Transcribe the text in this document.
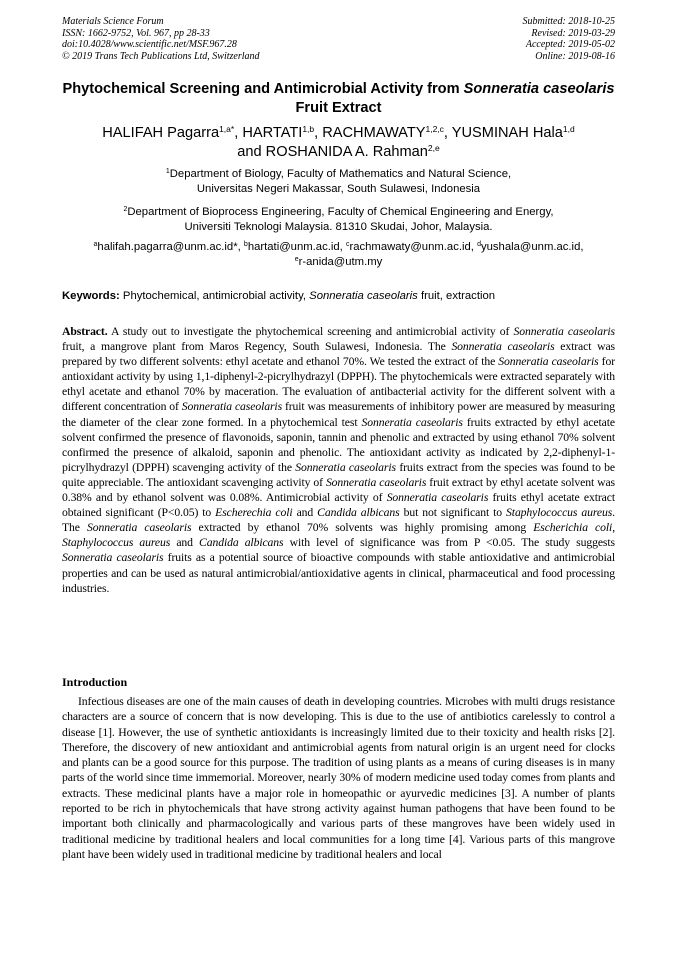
Materials Science Forum
ISSN: 1662-9752, Vol. 967, pp 28-33
doi:10.4028/www.scientific.net/MSF.967.28
© 2019 Trans Tech Publications Ltd, Switzerland
Submitted: 2018-10-25
Revised: 2019-03-29
Accepted: 2019-05-02
Online: 2019-08-16
Phytochemical Screening and Antimicrobial Activity from Sonneratia caseolaris Fruit Extract
HALIFAH Pagarra$^{1,a*}$, HARTATI$^{1,b}$, RACHMAWATY$^{1,2,c}$, YUSMINAH Hala$^{1,d}$
and ROSHANIDA A. Rahman$^{2,e}$
$^1$Department of Biology, Faculty of Mathematics and Natural Science,
Universitas Negeri Makassar, South Sulawesi, Indonesia
$^2$Department of Bioprocess Engineering, Faculty of Chemical Engineering and Energy,
Universiti Teknologi Malaysia. 81310 Skudai, Johor, Malaysia.
$^a$halifah.pagarra@unm.ac.id*, $^b$hartati@unm.ac.id, $^c$rachmawaty@unm.ac.id, $^d$yushala@unm.ac.id,
$^e$r-anida@utm.my
Keywords: Phytochemical, antimicrobial activity, Sonneratia caseolaris fruit, extraction
Abstract. A study out to investigate the phytochemical screening and antimicrobial activity of Sonneratia caseolaris fruit, a mangrove plant from Maros Regency, South Sulawesi, Indonesia. The Sonneratia caseolaris extract was prepared by two different solvents: ethyl acetate and ethanol 70%. We tested the extract of the Sonneratia caseolaris for antioxidant activity by using 1,1-diphenyl-2-picrylhydrazyl (DPPH). The phytochemicals were extracted separately with ethyl acetate and ethanol 70% by maceration. The evaluation of antibacterial activity for the different solvent with a different concentration of Sonneratia caseolaris fruit was measurements of inhibitory power are measured by measuring the diameter of the clear zone formed. In a phytochemical test Sonneratia caseolaris fruits extracted by ethyl acetate solvent confirmed the presence of flavonoids, saponin, tannin and phenolic and extracted by using ethanol 70% solvent confirmed the presence of alkaloid, saponin and phenolic. The antioxidant activity as indicated by 2,2-diphenyl-1-picrylhydrazyl (DPPH) scavenging activity of the Sonneratia caseolaris fruits extract from the species was found to be quite appreciable. The antioxidant scavenging activity of Sonneratia caseolaris fruit extract by ethyl acetate solvent was 0.38% and by ethanol solvent was 0.08%. Antimicrobial activity of Sonneratia caseolaris fruits ethyl acetate extract obtained significant (P<0.05) to Escherechia coli and Candida albicans but not significant to Staphylococcus aureus. The Sonneratia caseolaris extracted by ethanol 70% solvents was highly promising among Escherichia coli, Staphylococcus aureus and Candida albicans with level of significance was from P <0.05. The study suggests Sonneratia caseolaris fruits as a potential source of bioactive compounds with stable antioxidative and antimicrobial properties and can be used as natural antimicrobial/antioxidative agents in clinical, pharmaceutical and food processing industries.
Introduction
Infectious diseases are one of the main causes of death in developing countries. Microbes with multi drugs resistance characters are a source of concern that is now developing. This is due to the use of antibiotics carelessly to control a disease [1]. However, the use of synthetic antioxidants is increasingly limited due to their toxicity and health risks [2]. Therefore, the discovery of new antioxidant and antimicrobial agents from natural origin is an urgent need for clocks and plants can be a good source for this purpose. The tradition of using plants as a means of curing diseases is in many parts of the world since time immemorial. Moreover, nearly 30% of modern medicine used today comes from plants and extracts. These medicinal plants have a major role in homeopathic or ayurvedic medicines [3]. A number of plants reported to be rich in phytochemicals that have strong activity against human pathogens that have been found to be important both clinically and pharmacologically and various parts of these mangroves have been widely used in traditional medicine by traditional healers and local communities for a long time [4]. Various parts of this mangrove plant have been widely used in traditional medicine by traditional healers and local
